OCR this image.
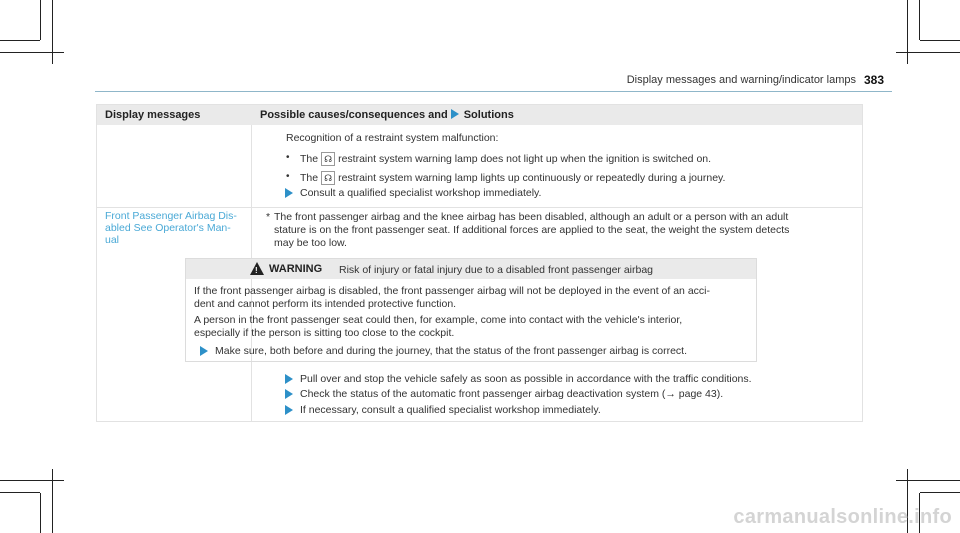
Display messages and warning/indicator lamps 383
Display messages	Possible causes/consequences and Solutions
Recognition of a restraint system malfunction:
• The ☊ restraint system warning lamp does not light up when the ignition is switched on.
• The ☊ restraint system warning lamp lights up continuously or repeatedly during a journey.
Consult a qualified specialist workshop immediately.
Front Passenger Airbag Dis-
abled See Operator's Man-
ual
* The front passenger airbag and the knee airbag has been disabled, although an adult or a person with an adult
stature is on the front passenger seat. If additional forces are applied to the seat, the weight the system detects
may be too low.
! WARNING Risk of injury or fatal injury due to a disabled front passenger airbag
If the front passenger airbag is disabled, the front passenger airbag will not be deployed in the event of an acci-
dent and cannot perform its intended protective function.
A person in the front passenger seat could then, for example, come into contact with the vehicle's interior,
especially if the person is sitting too close to the cockpit.
Make sure, both before and during the journey, that the status of the front passenger airbag is correct.
Pull over and stop the vehicle safely as soon as possible in accordance with the traffic conditions.
Check the status of the automatic front passenger airbag deactivation system (→ page 43).
If necessary, consult a qualified specialist workshop immediately.
carmanualsonline.info
